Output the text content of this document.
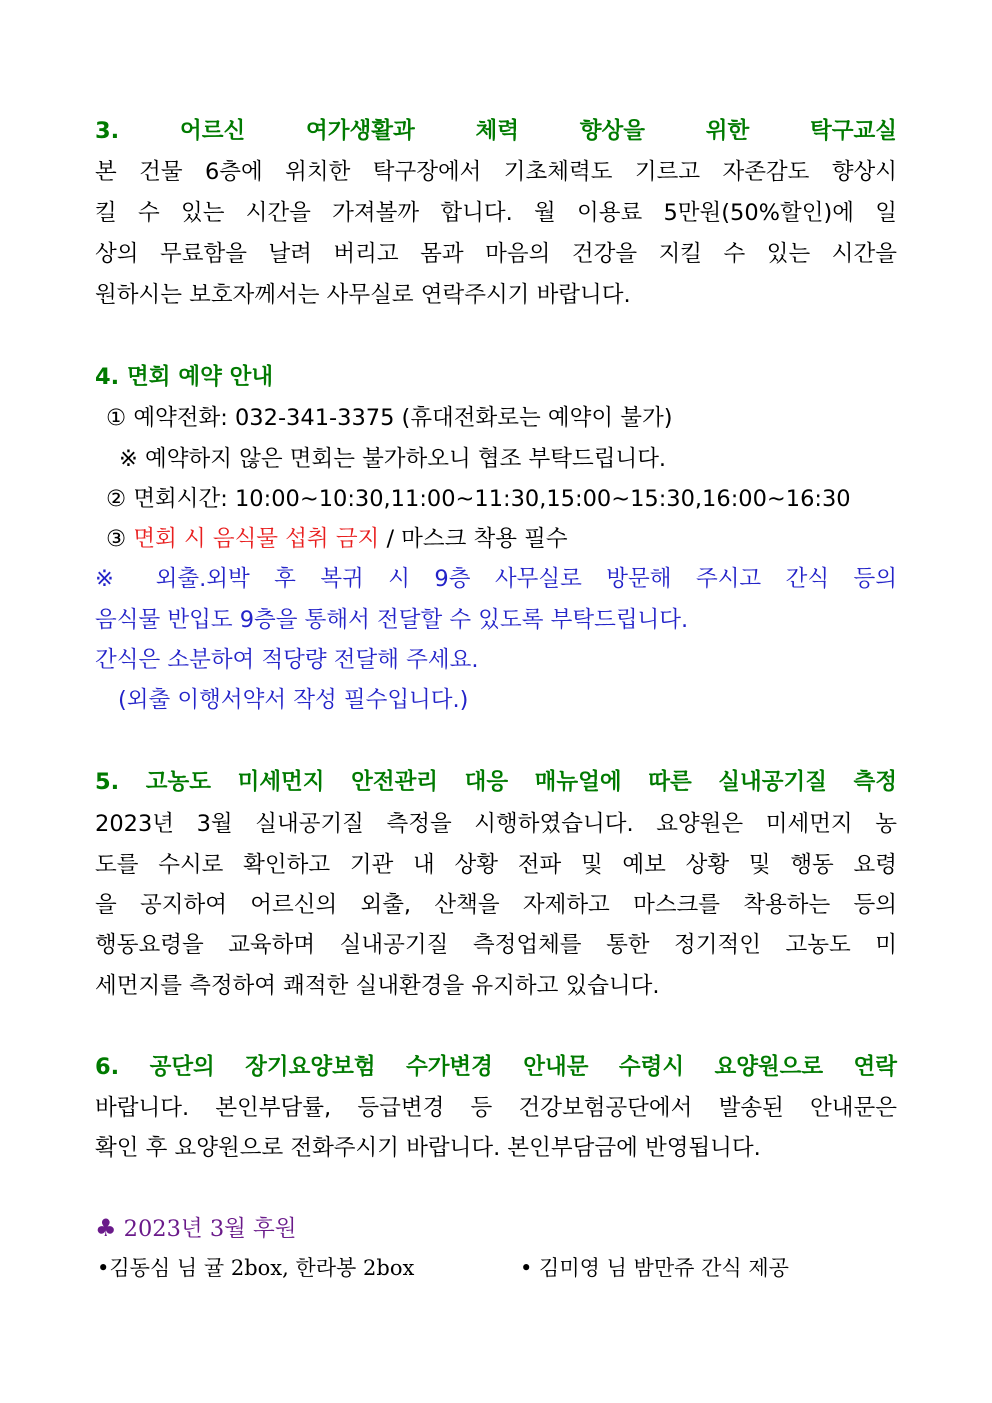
3. 어르신 여가생활과 체력 향상을 위한 탁구교실
본 건물 6층에 위치한 탁구장에서 기초체력도 기르고 자존감도 향상시
킬 수 있는 시간을 가져볼까 합니다. 월 이용료 5만원(50%할인)에 일
상의 무료함을 날려 버리고 몸과 마음의 건강을 지킬 수 있는 시간을
원하시는 보호자께서는 사무실로 연락주시기 바랍니다.
4. 면회 예약 안내
① 예약전화: 032-341-3375 (휴대전화로는 예약이 불가)
※ 예약하지 않은 면회는 불가하오니 협조 부탁드립니다.
② 면회시간: 10:00~10:30,11:00~11:30,15:00~15:30,16:00~16:30
③ 면회 시 음식물 섭취 금지 / 마스크 착용 필수
※ 외출.외박 후 복귀 시 9층 사무실로 방문해 주시고 간식 등의
음식물 반입도 9층을 통해서 전달할 수 있도록 부탁드립니다.
간식은 소분하여 적당량 전달해 주세요.
(외출 이행서약서 작성 필수입니다.)
5. 고농도 미세먼지 안전관리 대응 매뉴얼에 따른 실내공기질 측정
2023년 3월 실내공기질 측정을 시행하였습니다. 요양원은 미세먼지 농
도를 수시로 확인하고 기관 내 상황 전파 및 예보 상황 및 행동 요령
을 공지하여 어르신의 외출, 산책을 자제하고 마스크를 착용하는 등의
행동요령을 교육하며 실내공기질 측정업체를 통한 정기적인 고농도 미
세먼지를 측정하여 쾌적한 실내환경을 유지하고 있습니다.
6. 공단의 장기요양보험 수가변경 안내문 수령시 요양원으로 연락
바랍니다. 본인부담률, 등급변경 등 건강보험공단에서 발송된 안내문은
확인 후 요양원으로 전화주시기 바랍니다. 본인부담금에 반영됩니다.
♣ 2023년 3월 후원
•김동심 님 귤 2box, 한라봉 2box	• 김미영 님 밤만쥬 간식 제공
